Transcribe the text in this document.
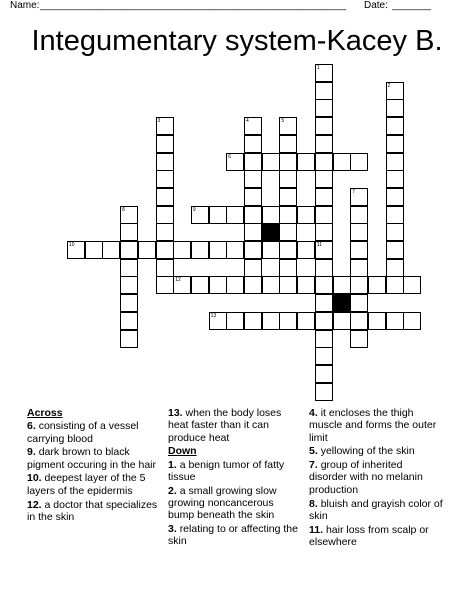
Name: _______________________________________________________ Date: _______
Integumentary system-Kacey B.
1
11
2
3	4	5
7
8
6
9
10
12
13
Across
6. consisting of a vessel carrying blood
9. dark brown to black pigment occuring in the hair
10. deepest layer of the 5 layers of the epidermis
12. a doctor that specializes in the skin
13. when the body loses heat faster than it can produce heat
Down
1. a benign tumor of fatty tissue
2. a small growing slow growing noncancerous bump beneath the skin
3. relating to or affecting the skin
4. it encloses the thigh muscle and forms the outer limit
5. yellowing of the skin
7. group of inherited disorder with no melanin production
8. bluish and grayish color of skin
11. hair loss from scalp or elsewhere
